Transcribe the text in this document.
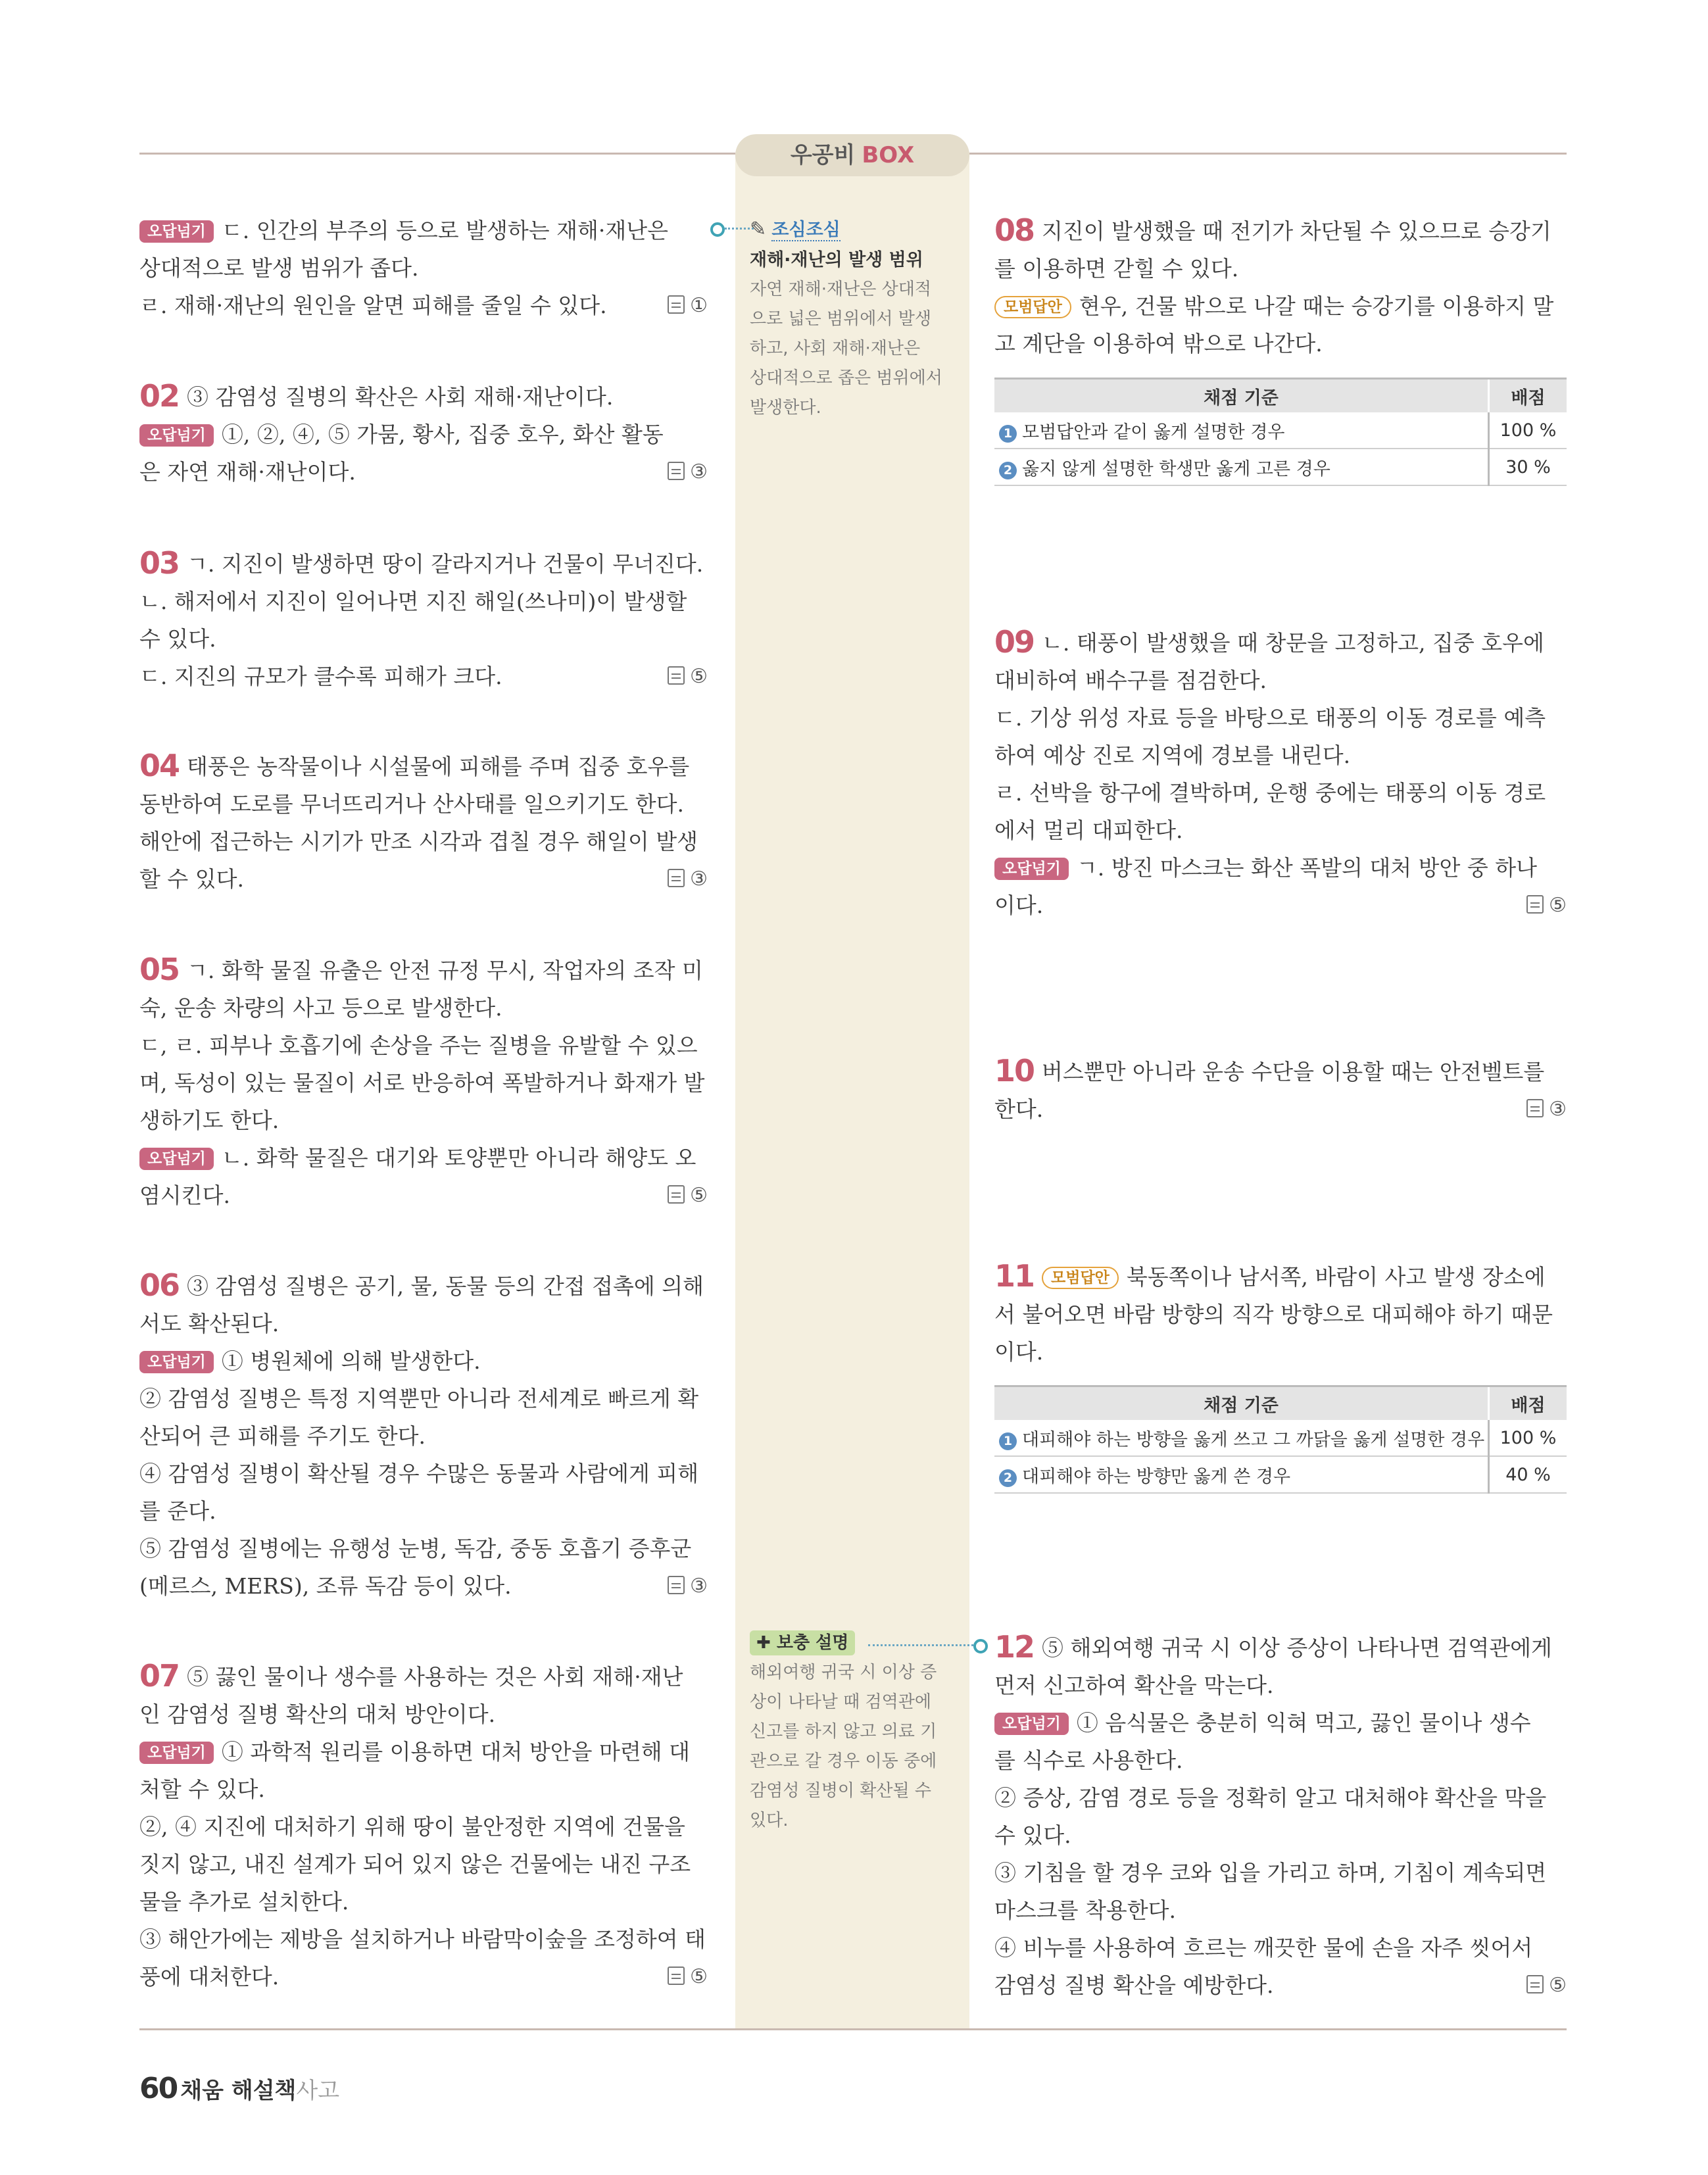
우공비 BOX
오답넘기 ㄷ. 인간의 부주의 등으로 발생하는 재해·재난은
상대적으로 발생 범위가 좁다.
ㄹ. 재해·재난의 원인을 알면 피해를 줄일 수 있다.	①
02 ③ 감염성 질병의 확산은 사회 재해·재난이다.
오답넘기 ①, ②, ④, ⑤ 가뭄, 황사, 집중 호우, 화산 활동
은 자연 재해·재난이다.	③
03 ㄱ. 지진이 발생하면 땅이 갈라지거나 건물이 무너진다.
ㄴ. 해저에서 지진이 일어나면 지진 해일(쓰나미)이 발생할
수 있다.
ㄷ. 지진의 규모가 클수록 피해가 크다.	⑤
04 태풍은 농작물이나 시설물에 피해를 주며 집중 호우를
동반하여 도로를 무너뜨리거나 산사태를 일으키기도 한다.
해안에 접근하는 시기가 만조 시각과 겹칠 경우 해일이 발생
할 수 있다.	③
05 ㄱ. 화학 물질 유출은 안전 규정 무시, 작업자의 조작 미
숙, 운송 차량의 사고 등으로 발생한다.
ㄷ, ㄹ. 피부나 호흡기에 손상을 주는 질병을 유발할 수 있으
며, 독성이 있는 물질이 서로 반응하여 폭발하거나 화재가 발
생하기도 한다.
오답넘기 ㄴ. 화학 물질은 대기와 토양뿐만 아니라 해양도 오
염시킨다.	⑤
06 ③ 감염성 질병은 공기, 물, 동물 등의 간접 접촉에 의해
서도 확산된다.
오답넘기 ① 병원체에 의해 발생한다.
② 감염성 질병은 특정 지역뿐만 아니라 전세계로 빠르게 확
산되어 큰 피해를 주기도 한다.
④ 감염성 질병이 확산될 경우 수많은 동물과 사람에게 피해
를 준다.
⑤ 감염성 질병에는 유행성 눈병, 독감, 중동 호흡기 증후군
(메르스, MERS), 조류 독감 등이 있다.	③
07 ⑤ 끓인 물이나 생수를 사용하는 것은 사회 재해·재난
인 감염성 질병 확산의 대처 방안이다.
오답넘기 ① 과학적 원리를 이용하면 대처 방안을 마련해 대
처할 수 있다.
②, ④ 지진에 대처하기 위해 땅이 불안정한 지역에 건물을
짓지 않고, 내진 설계가 되어 있지 않은 건물에는 내진 구조
물을 추가로 설치한다.
③ 해안가에는 제방을 설치하거나 바람막이숲을 조정하여 태
풍에 대처한다.	⑤
✎ 조심조심
재해·재난의 발생 범위
자연 재해·재난은 상대적
으로 넓은 범위에서 발생
하고, 사회 재해·재난은
상대적으로 좁은 범위에서
발생한다.
✚ 보충 설명
해외여행 귀국 시 이상 증
상이 나타날 때 검역관에
신고를 하지 않고 의료 기
관으로 갈 경우 이동 중에
감염성 질병이 확산될 수
있다.
08 지진이 발생했을 때 전기가 차단될 수 있으므로 승강기
를 이용하면 갇힐 수 있다.
모범답안 현우, 건물 밖으로 나갈 때는 승강기를 이용하지 말
고 계단을 이용하여 밖으로 나간다.
채점 기준	배점
1 모범답안과 같이 옳게 설명한 경우	100 %
2 옳지 않게 설명한 학생만 옳게 고른 경우	30 %
09 ㄴ. 태풍이 발생했을 때 창문을 고정하고, 집중 호우에
대비하여 배수구를 점검한다.
ㄷ. 기상 위성 자료 등을 바탕으로 태풍의 이동 경로를 예측
하여 예상 진로 지역에 경보를 내린다.
ㄹ. 선박을 항구에 결박하며, 운행 중에는 태풍의 이동 경로
에서 멀리 대피한다.
오답넘기 ㄱ. 방진 마스크는 화산 폭발의 대처 방안 중 하나
이다.	⑤
10 버스뿐만 아니라 운송 수단을 이용할 때는 안전벨트를
한다.	③
11 모범답안 북동쪽이나 남서쪽, 바람이 사고 발생 장소에
서 불어오면 바람 방향의 직각 방향으로 대피해야 하기 때문
이다.
채점 기준	배점
1 대피해야 하는 방향을 옳게 쓰고 그 까닭을 옳게 설명한 경우	100 %
2 대피해야 하는 방향만 옳게 쓴 경우	40 %
12 ⑤ 해외여행 귀국 시 이상 증상이 나타나면 검역관에게
먼저 신고하여 확산을 막는다.
오답넘기 ① 음식물은 충분히 익혀 먹고, 끓인 물이나 생수
를 식수로 사용한다.
② 증상, 감염 경로 등을 정확히 알고 대처해야 확산을 막을
수 있다.
③ 기침을 할 경우 코와 입을 가리고 하며, 기침이 계속되면
마스크를 착용한다.
④ 비누를 사용하여 흐르는 깨끗한 물에 손을 자주 씻어서
감염성 질병 확산을 예방한다.	⑤
60 채움 해설책사고
